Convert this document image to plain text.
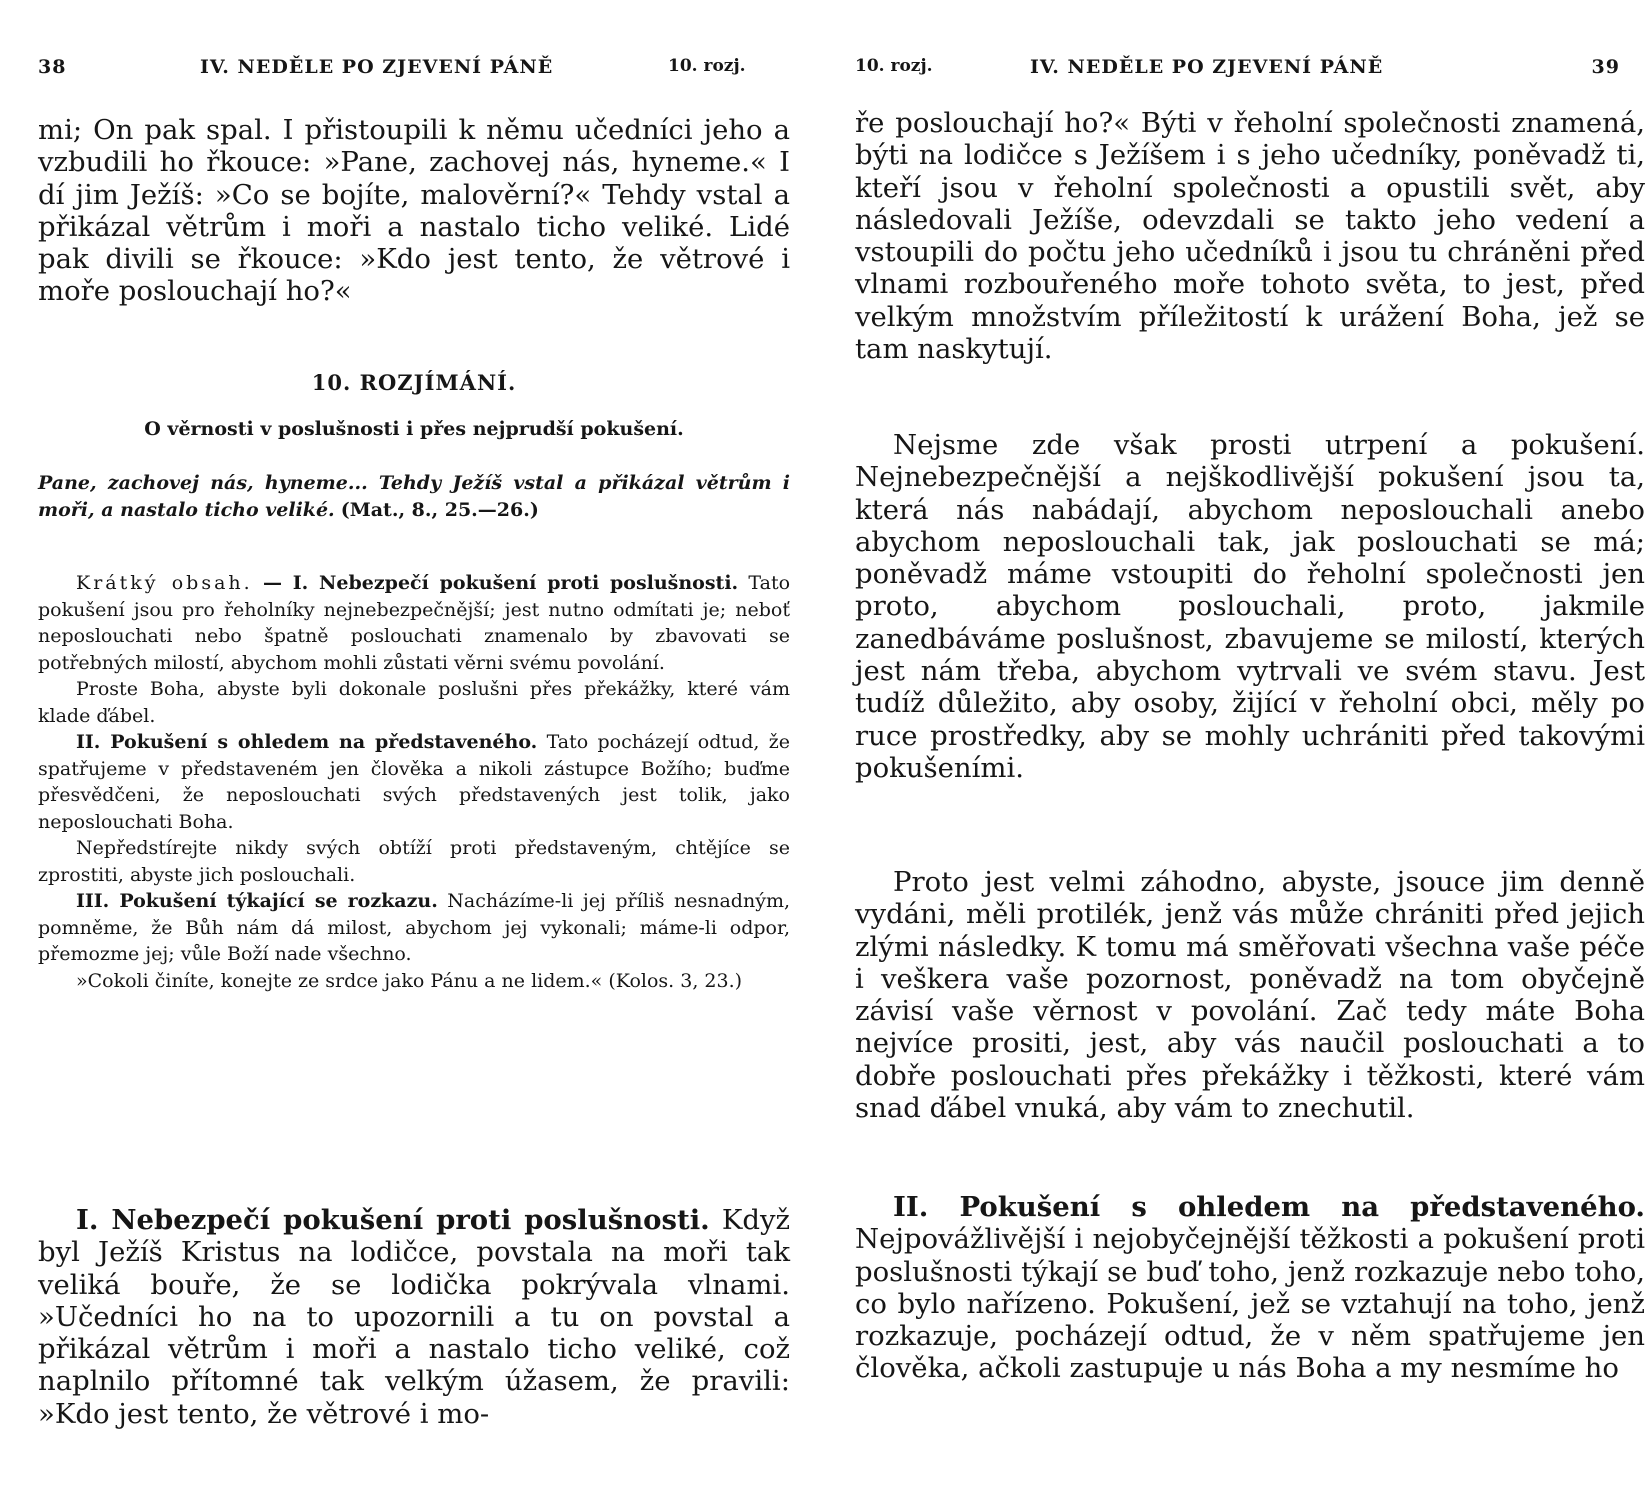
38	IV. NEDĚLE PO ZJEVENÍ PÁNĚ	10. rozj.

mi; On pak spal. I přistoupili k němu učedníci jeho a vzbudili ho řkouce: »Pane, zachovej nás, hyneme.« I dí jim Ježíš: »Co se bojíte, malověrní?« Tehdy vstal a přikázal větrům i moři a nastalo ticho veliké. Lidé pak divili se řkouce: »Kdo jest tento, že větrové i moře poslouchají ho?«

10. ROZJÍMÁNÍ.
O věrnosti v poslušnosti i přes nejprudší pokušení.

Pane, zachovej nás, hyneme... Tehdy Ježíš vstal a přikázal větrům i moři, a nastalo ticho veliké. (Mat., 8., 25.—26.)

Krátký obsah. — I. Nebezpečí pokušení proti poslušnosti. Tato pokušení jsou pro řeholníky nejnebezpečnější; jest nutno odmítati je; neboť neposlouchati nebo špatně poslouchati znamenalo by zbavovati se potřebných milostí, abychom mohli zůstati věrni svému povolání.

Proste Boha, abyste byli dokonale poslušni přes překážky, které vám klade ďábel.

II. Pokušení s ohledem na představeného. Tato pocházejí odtud, že spatřujeme v představeném jen člověka a nikoli zástupce Božího; buďme přesvědčeni, že neposlouchati svých představených jest tolik, jako neposlouchati Boha.

Nepředstírejte nikdy svých obtíží proti představeným, chtějíce se zprostiti, abyste jich poslouchali.

III. Pokušení týkající se rozkazu. Nacházíme-li jej příliš nesnadným, pomněme, že Bůh nám dá milost, abychom jej vykonali; máme-li odpor, přemozme jej; vůle Boží nade všechno.

»Cokoli činíte, konejte ze srdce jako Pánu a ne lidem.« (Kolos. 3, 23.)

I. Nebezpečí pokušení proti poslušnosti. Když byl Ježíš Kristus na lodičce, povstala na moři tak veliká bouře, že se lodička pokrývala vlnami. »Učedníci ho na to upozornili a tu on povstal a přikázal větrům i moři a nastalo ticho veliké, což naplnilo přítomné tak velkým úžasem, že pravili: »Kdo jest tento, že větrové i mo-

10. rozj.	IV. NEDĚLE PO ZJEVENÍ PÁNĚ	39

ře poslouchají ho?« Býti v řeholní společnosti znamená, býti na lodičce s Ježíšem i s jeho učedníky, poněvadž ti, kteří jsou v řeholní společnosti a opustili svět, aby následovali Ježíše, odevzdali se takto jeho vedení a vstoupili do počtu jeho učedníků i jsou tu chráněni před vlnami rozbouřeného moře tohoto světa, to jest, před velkým množstvím příležitostí k urážení Boha, jež se tam naskytují.

Nejsme zde však prosti utrpení a pokušení. Nejnebezpečnější a nejškodlivější pokušení jsou ta, která nás nabádají, abychom neposlouchali anebo abychom neposlouchali tak, jak poslouchati se má; poněvadž máme vstoupiti do řeholní společnosti jen proto, abychom poslouchali, proto, jakmile zanedbáváme poslušnost, zbavujeme se milostí, kterých jest nám třeba, abychom vytrvali ve svém stavu. Jest tudíž důležito, aby osoby, žijící v řeholní obci, měly po ruce prostředky, aby se mohly uchrániti před takovými pokušeními.

Proto jest velmi záhodno, abyste, jsouce jim denně vydáni, měli protilék, jenž vás může chrániti před jejich zlými následky. K tomu má směřovati všechna vaše péče i veškera vaše pozornost, poněvadž na tom obyčejně závisí vaše věrnost v povolání. Zač tedy máte Boha nejvíce prositi, jest, aby vás naučil poslouchati a to dobře poslouchati přes překážky i těžkosti, které vám snad ďábel vnuká, aby vám to znechutil.

II. Pokušení s ohledem na představeného. Nejpovážlivější i nejobyčejnější těžkosti a pokušení proti poslušnosti týkají se buď toho, jenž rozkazuje nebo toho, co bylo nařízeno. Pokušení, jež se vztahují na toho, jenž rozkazuje, pocházejí odtud, že v něm spatřujeme jen člověka, ačkoli zastupuje u nás Boha a my nesmíme ho
